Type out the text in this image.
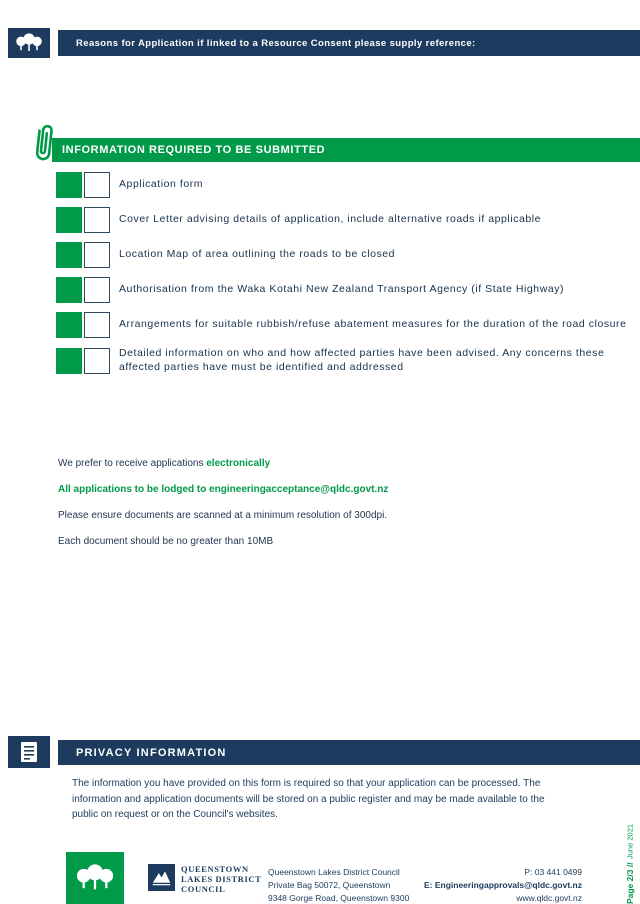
Reasons for Application if linked to a Resource Consent please supply reference:
INFORMATION REQUIRED TO BE SUBMITTED
Application form
Cover Letter advising details of application, include alternative roads if applicable
Location Map of area outlining the roads to be closed
Authorisation from the Waka Kotahi New Zealand Transport Agency (if State Highway)
Arrangements for suitable rubbish/refuse abatement measures for the duration of the road closure
Detailed information on who and how affected parties have been advised. Any concerns these affected parties have must be identified and addressed
We prefer to receive applications electronically
All applications to be lodged to engineeringacceptance@qldc.govt.nz
Please ensure documents are scanned at a minimum resolution of 300dpi.
Each document should be no greater than 10MB
PRIVACY INFORMATION
The information you have provided on this form is required so that your application can be processed. The information and application documents will be stored on a public register and may be made available to the public on request or on the Council's websites.
QUEENSTOWN
LAKES DISTRICT
COUNCIL
Queenstown Lakes District Council
Private Bag 50072, Queenstown
9348 Gorge Road, Queenstown 9300
P: 03 441 0499
E: Engineeringapprovals@qldc.govt.nz
www.qldc.govt.nz	Page 2/3 //
June 2021
